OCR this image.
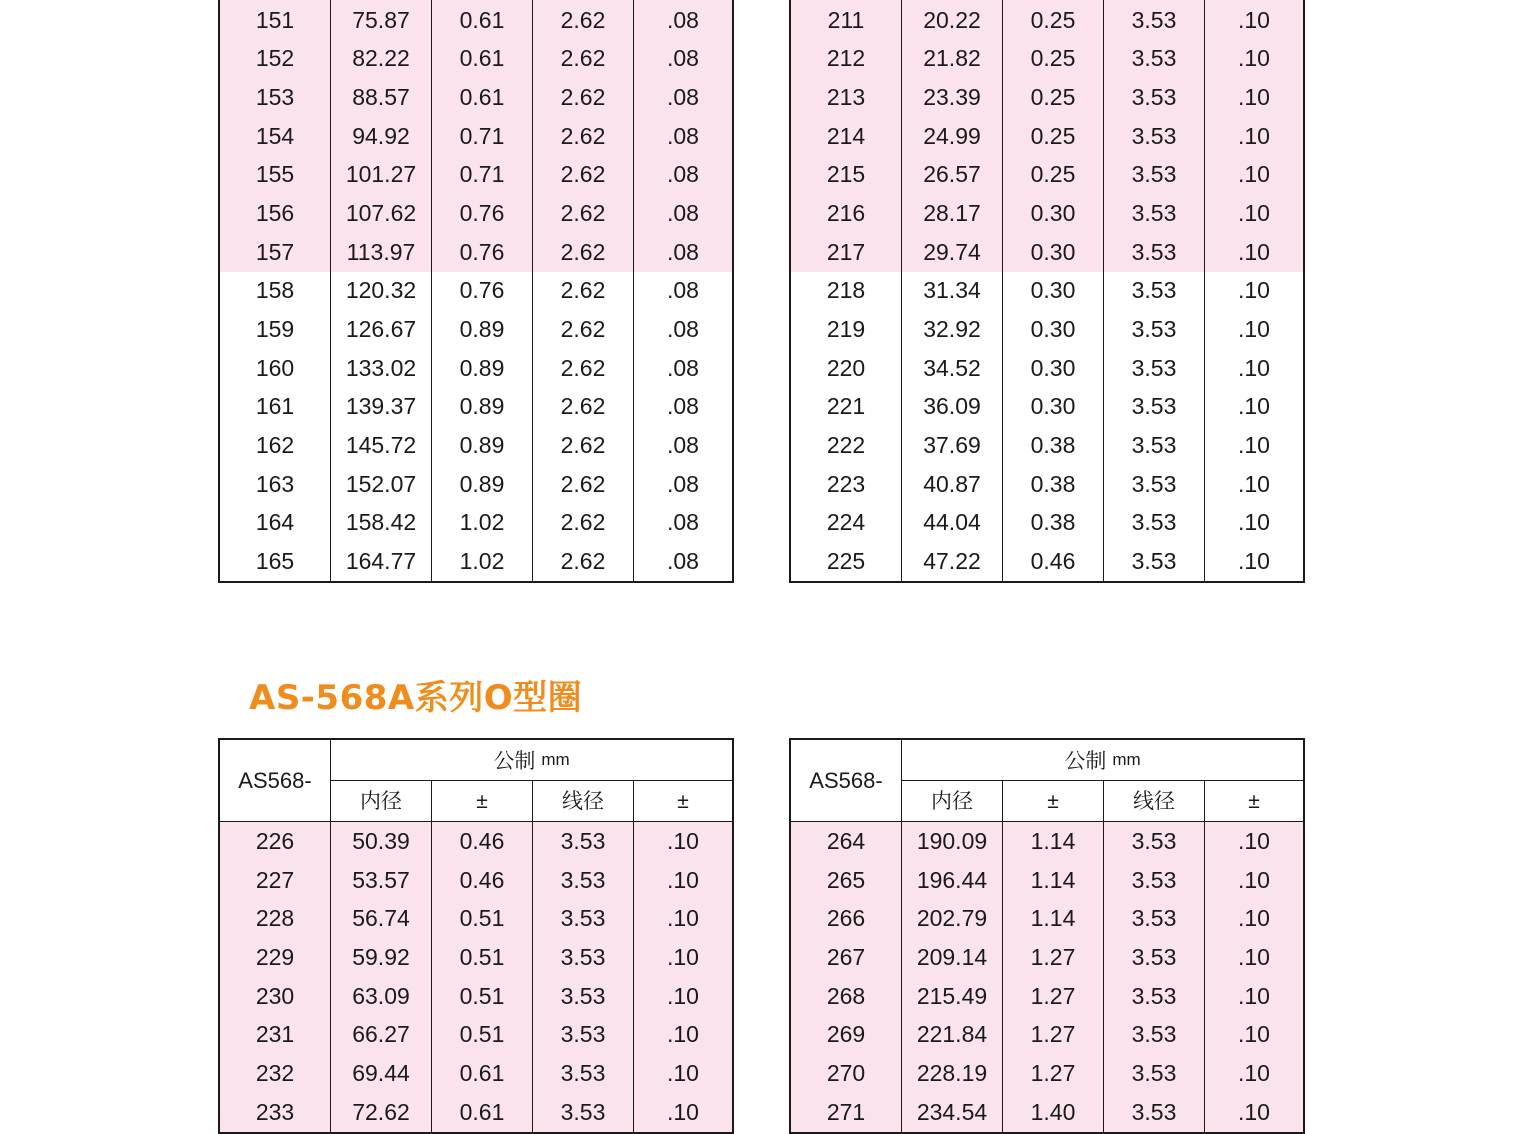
151	75.87	0.61	2.62	.08
152	82.22	0.61	2.62	.08
153	88.57	0.61	2.62	.08
154	94.92	0.71	2.62	.08
155	101.27	0.71	2.62	.08
156	107.62	0.76	2.62	.08
157	113.97	0.76	2.62	.08
158	120.32	0.76	2.62	.08
159	126.67	0.89	2.62	.08
160	133.02	0.89	2.62	.08
161	139.37	0.89	2.62	.08
162	145.72	0.89	2.62	.08
163	152.07	0.89	2.62	.08
164	158.42	1.02	2.62	.08
165	164.77	1.02	2.62	.08
211	20.22	0.25	3.53	.10
212	21.82	0.25	3.53	.10
213	23.39	0.25	3.53	.10
214	24.99	0.25	3.53	.10
215	26.57	0.25	3.53	.10
216	28.17	0.30	3.53	.10
217	29.74	0.30	3.53	.10
218	31.34	0.30	3.53	.10
219	32.92	0.30	3.53	.10
220	34.52	0.30	3.53	.10
221	36.09	0.30	3.53	.10
222	37.69	0.38	3.53	.10
223	40.87	0.38	3.53	.10
224	44.04	0.38	3.53	.10
225	47.22	0.46	3.53	.10
AS-568A系列O型圈
AS568-
公制 mm
内径	±	线径	±
226	50.39	0.46	3.53	.10
227	53.57	0.46	3.53	.10
228	56.74	0.51	3.53	.10
229	59.92	0.51	3.53	.10
230	63.09	0.51	3.53	.10
231	66.27	0.51	3.53	.10
232	69.44	0.61	3.53	.10
233	72.62	0.61	3.53	.10
AS568-
公制 mm
内径	±	线径	±
264	190.09	1.14	3.53	.10
265	196.44	1.14	3.53	.10
266	202.79	1.14	3.53	.10
267	209.14	1.27	3.53	.10
268	215.49	1.27	3.53	.10
269	221.84	1.27	3.53	.10
270	228.19	1.27	3.53	.10
271	234.54	1.40	3.53	.10
